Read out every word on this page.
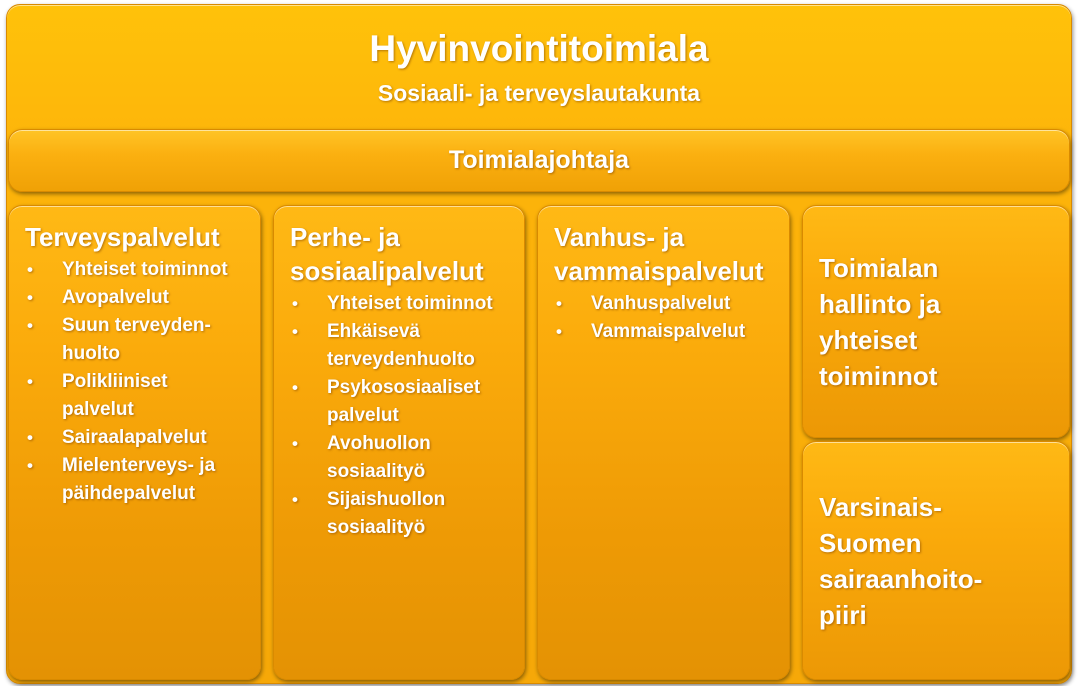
Hyvinvointitoimiala
Sosiaali- ja terveyslautakunta
Toimialajohtaja
Terveyspalvelut
• Yhteiset toiminnot
• Avopalvelut
• Suun terveyden-huolto
• Polikliiniset palvelut
• Sairaalapalvelut
• Mielenterveys- ja päihdepalvelut
Perhe- ja sosiaalipalvelut
• Yhteiset toiminnot
• Ehkäisevä terveydenhuolto
• Psykososiaaliset palvelut
• Avohuollon sosiaalityö
• Sijaishuollon sosiaalityö
Vanhus- ja vammaispalvelut
• Vanhuspalvelut
• Vammaispalvelut
Toimialan hallinto ja yhteiset toiminnot
Varsinais-Suomen sairaanhoito-piiri
